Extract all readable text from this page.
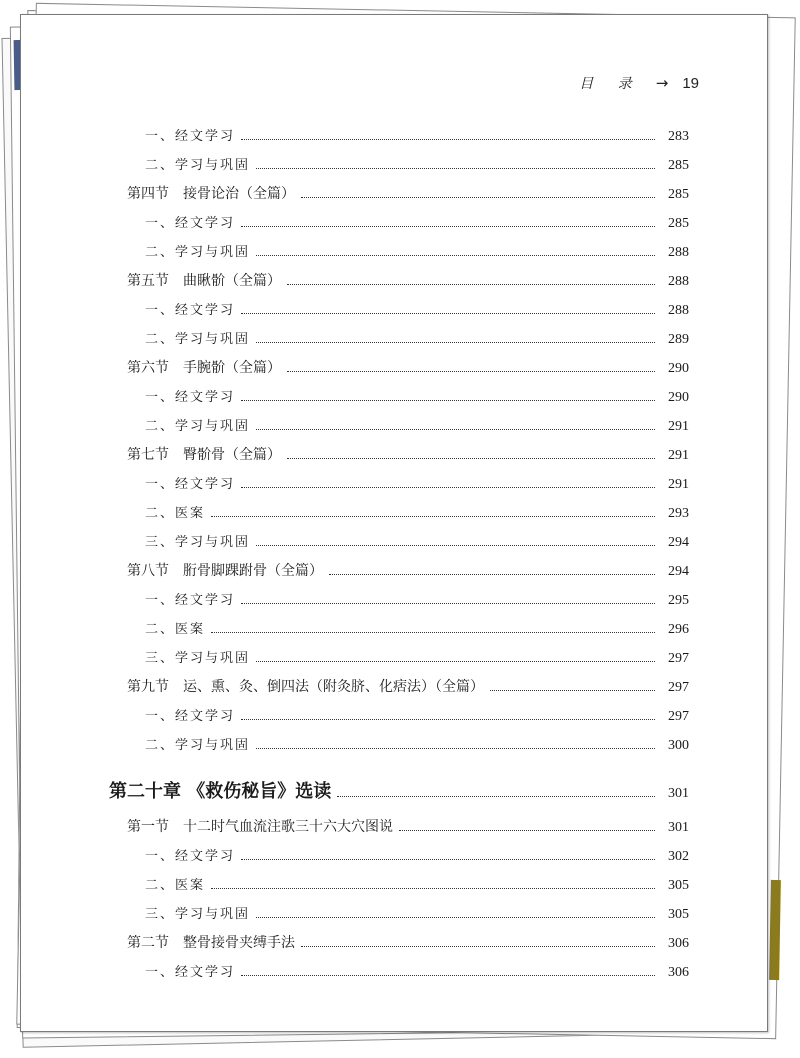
目 录 → 19
一、经文学习	283
二、学习与巩固	285
第四节　接骨论治（全篇）	285
一、经文学习	285
二、学习与巩固	288
第五节　曲瞅骱（全篇）	288
一、经文学习	288
二、学习与巩固	289
第六节　手腕骱（全篇）	290
一、经文学习	290
二、学习与巩固	291
第七节　臀骱骨（全篇）	291
一、经文学习	291
二、医案	293
三、学习与巩固	294
第八节　胻骨脚踝跗骨（全篇）	294
一、经文学习	295
二、医案	296
三、学习与巩固	297
第九节　运、熏、灸、倒四法（附灸脐、化痞法）（全篇）	297
一、经文学习	297
二、学习与巩固	300
第二十章 《救伤秘旨》选读	301
第一节　十二时气血流注歌三十六大穴图说	301
一、经文学习	302
二、医案	305
三、学习与巩固	305
第二节　整骨接骨夹缚手法	306
一、经文学习	306
